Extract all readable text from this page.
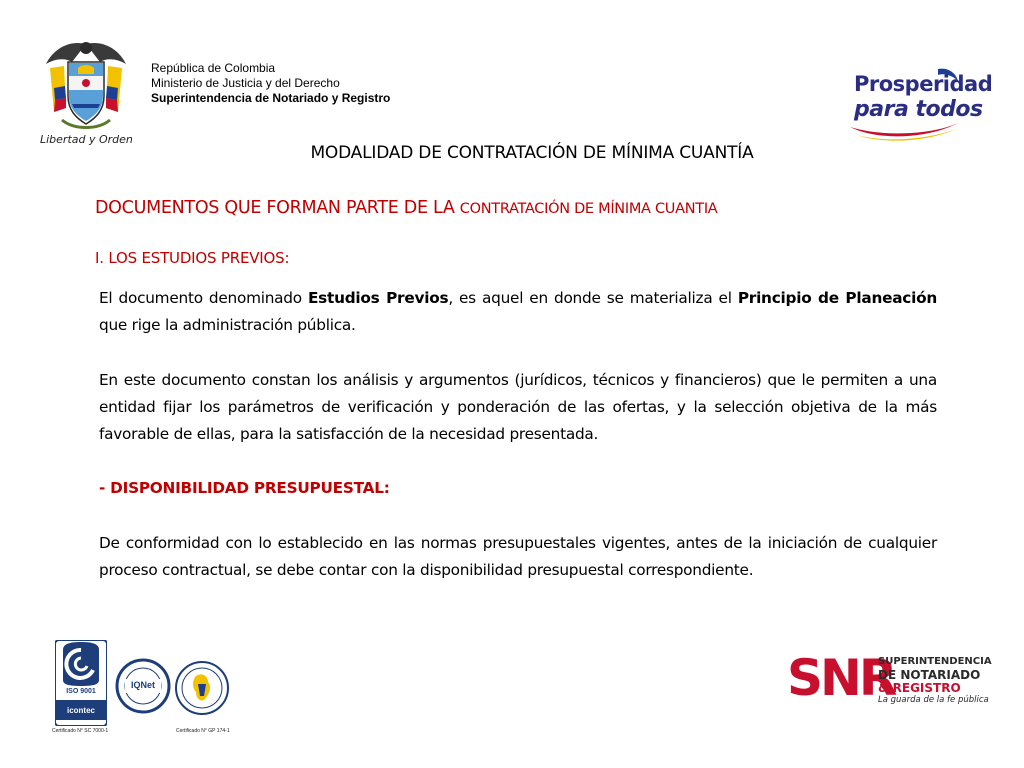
Libertad y Orden
República de Colombia
Ministerio de Justicia y del Derecho
Superintendencia de Notariado y Registro
Prosperidad
para todos
MODALIDAD DE CONTRATACIÓN DE MÍNIMA CUANTÍA
DOCUMENTOS QUE FORMAN PARTE DE LA CONTRATACIÓN DE MÍNIMA CUANTIA
I. LOS ESTUDIOS PREVIOS:

El documento denominado Estudios Previos, es aquel en donde se materializa el Principio de Planeación que rige la administración pública.

En este documento constan los análisis y argumentos (jurídicos, técnicos y financieros) que le permiten a una entidad fijar los parámetros de verificación y ponderación de las ofertas, y la selección objetiva de la más favorable de ellas, para la satisfacción de la necesidad presentada.

- DISPONIBILIDAD PRESUPUESTAL:

De conformidad con lo establecido en las normas presupuestales vigentes, antes de la iniciación de cualquier proceso contractual, se debe contar con la disponibilidad presupuestal correspondiente.

ISO 9001
icontec
Certificado N° SC 7000-1
IQNet
Certificado N° GP 174-1
SNR
SUPERINTENDENCIA
DE NOTARIADO
& REGISTRO
La guarda de la fe pública
